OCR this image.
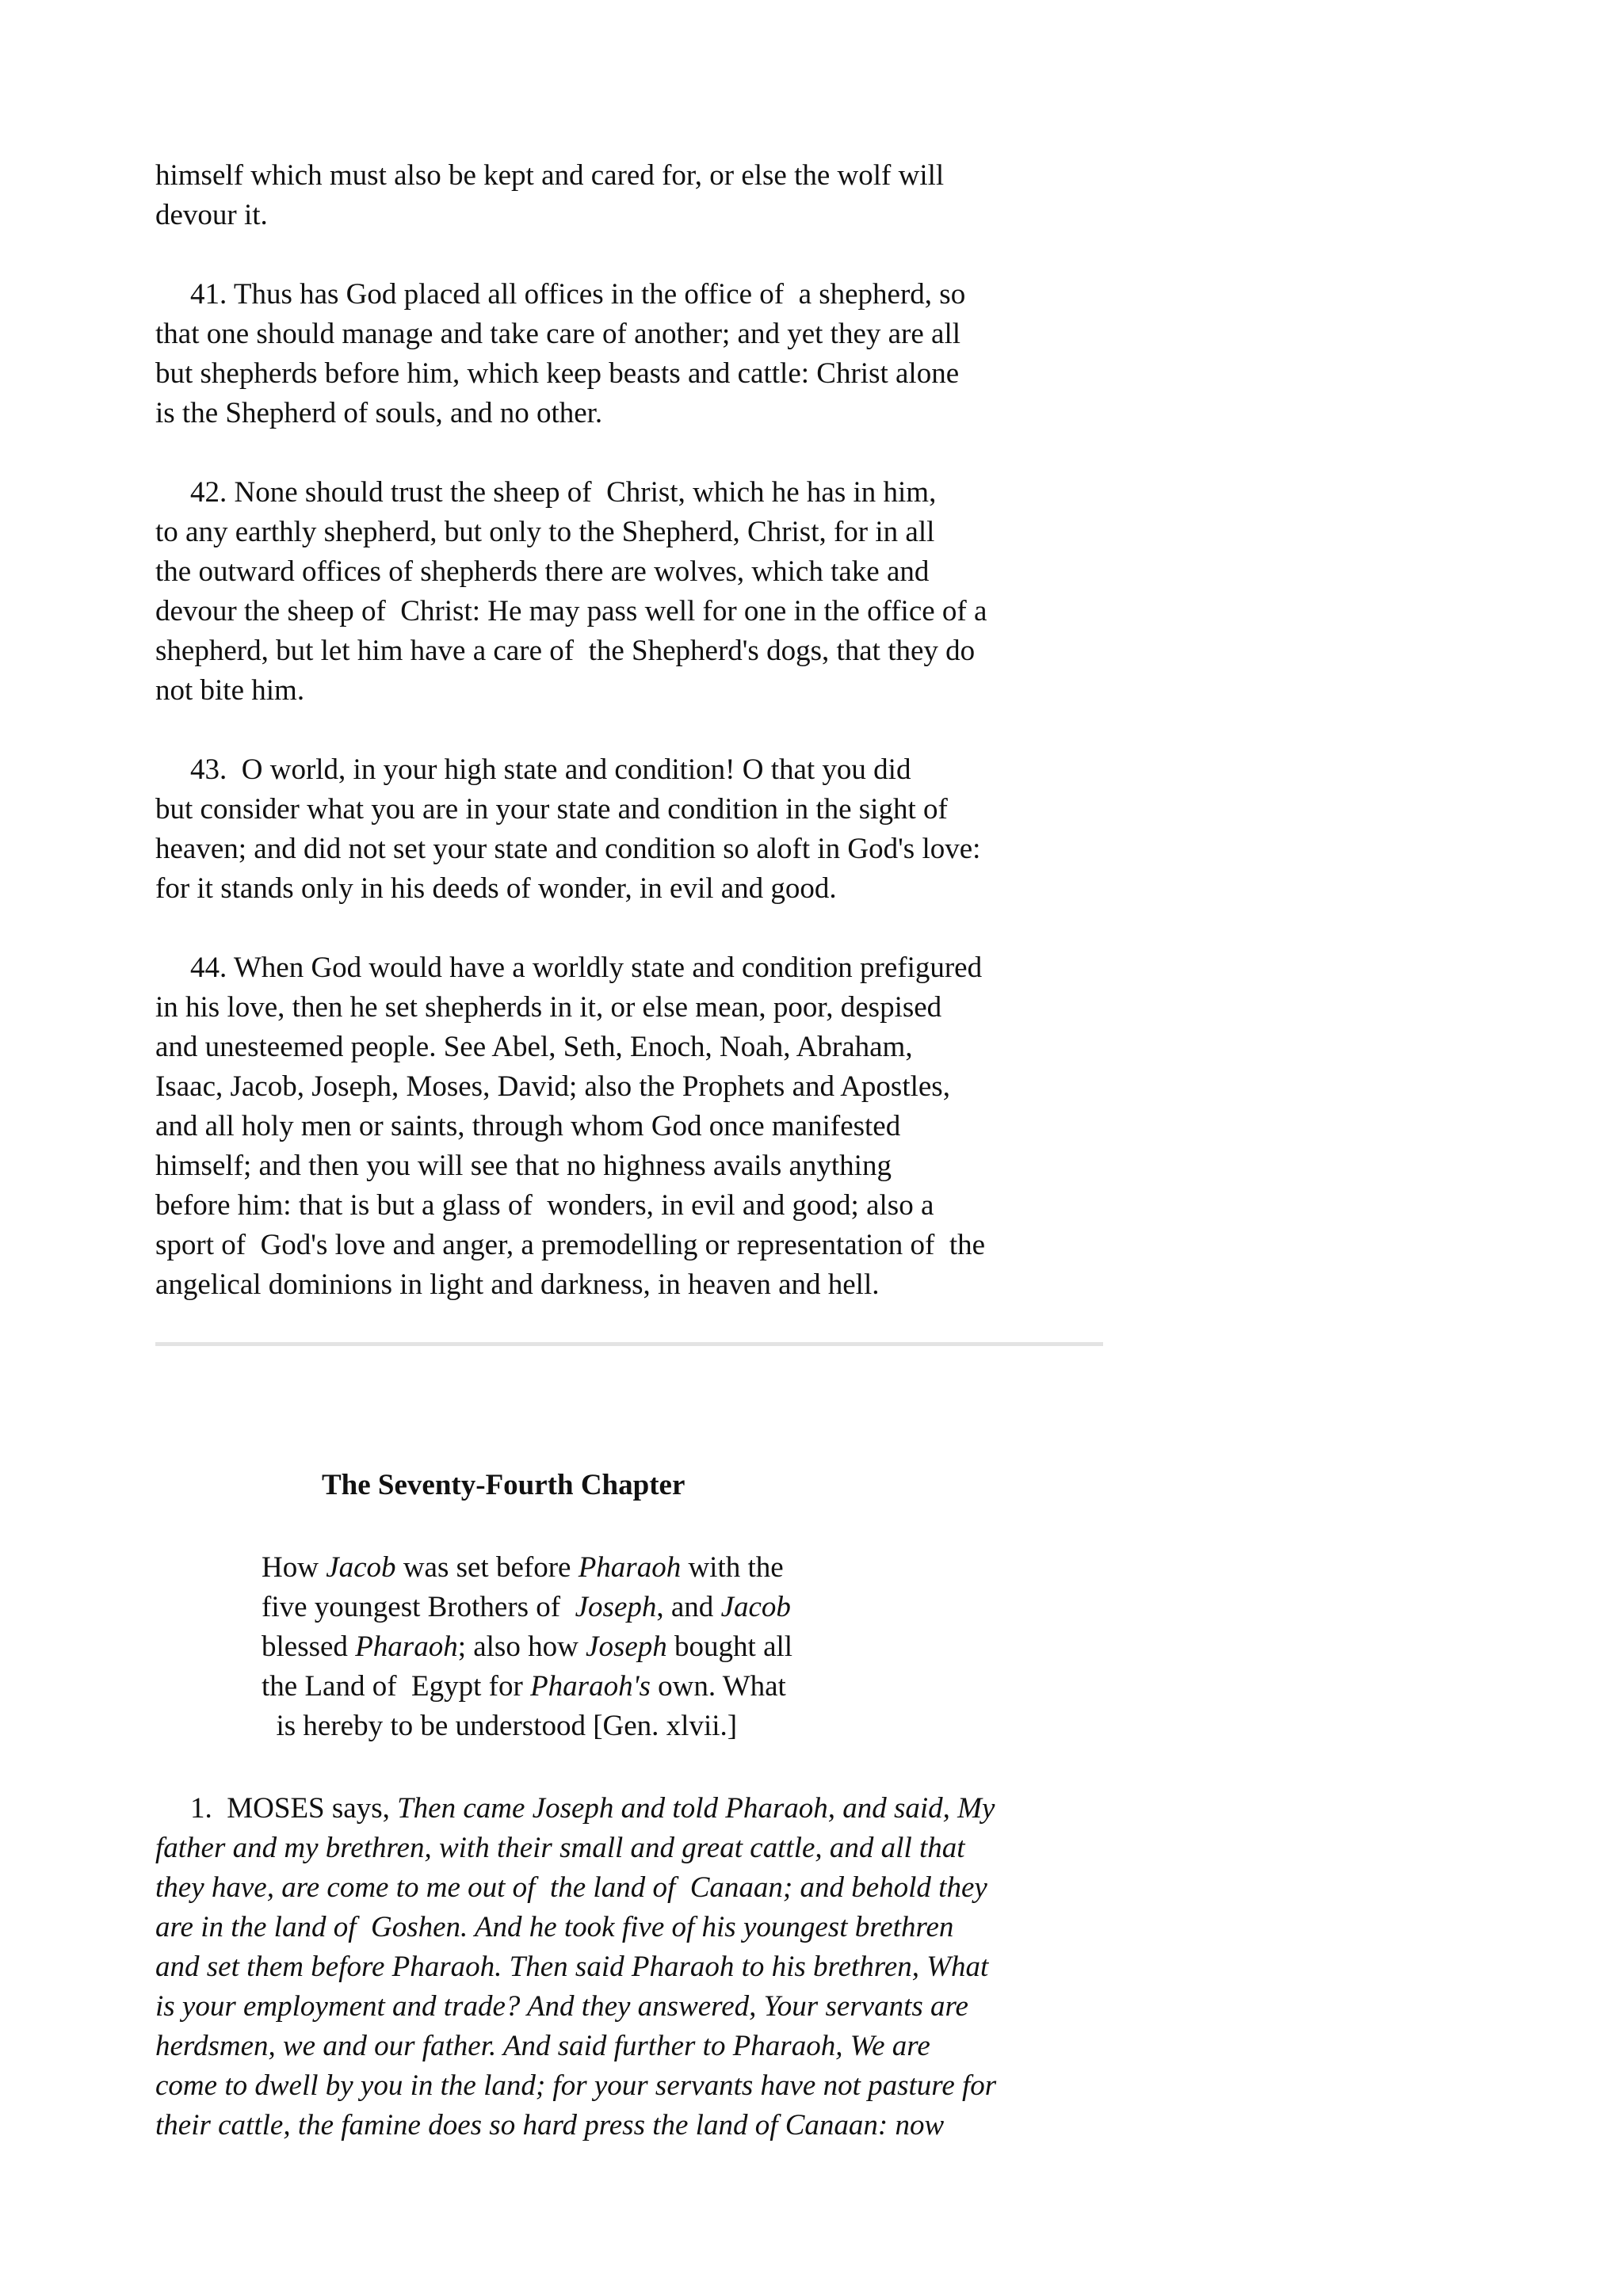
himself which must also be kept and cared for, or else the wolf will
devour it.
41. Thus has God placed all offices in the office of  a shepherd, so
that one should manage and take care of another; and yet they are all
but shepherds before him, which keep beasts and cattle: Christ alone
is the Shepherd of souls, and no other.
42. None should trust the sheep of  Christ, which he has in him,
to any earthly shepherd, but only to the Shepherd, Christ, for in all
the outward offices of shepherds there are wolves, which take and
devour the sheep of  Christ: He may pass well for one in the office of a
shepherd, but let him have a care of  the Shepherd's dogs, that they do
not bite him.
43.  O world, in your high state and condition! O that you did
but consider what you are in your state and condition in the sight of
heaven; and did not set your state and condition so aloft in God's love:
for it stands only in his deeds of wonder, in evil and good.
44. When God would have a worldly state and condition prefigured
in his love, then he set shepherds in it, or else mean, poor, despised
and unesteemed people. See Abel, Seth, Enoch, Noah, Abraham,
Isaac, Jacob, Joseph, Moses, David; also the Prophets and Apostles,
and all holy men or saints, through whom God once manifested
himself; and then you will see that no highness avails anything
before him: that is but a glass of  wonders, in evil and good; also a
sport of  God's love and anger, a premodelling or representation of  the
angelical dominions in light and darkness, in heaven and hell.
The Seventy-Fourth Chapter
How Jacob was set before Pharaoh with the
five youngest Brothers of  Joseph, and Jacob
blessed Pharaoh; also how Joseph bought all
the Land of  Egypt for Pharaoh's own. What
is hereby to be understood [Gen. xlvii.]
1.  MOSES says, Then came Joseph and told Pharaoh, and said, My
father and my brethren, with their small and great cattle, and all that
they have, are come to me out of  the land of  Canaan; and behold they
are in the land of  Goshen. And he took five of his youngest brethren
and set them before Pharaoh. Then said Pharaoh to his brethren, What
is your employment and trade? And they answered, Your servants are
herdsmen, we and our father. And said further to Pharaoh, We are
come to dwell by you in the land; for your servants have not pasture for
their cattle, the famine does so hard press the land of Canaan: now
